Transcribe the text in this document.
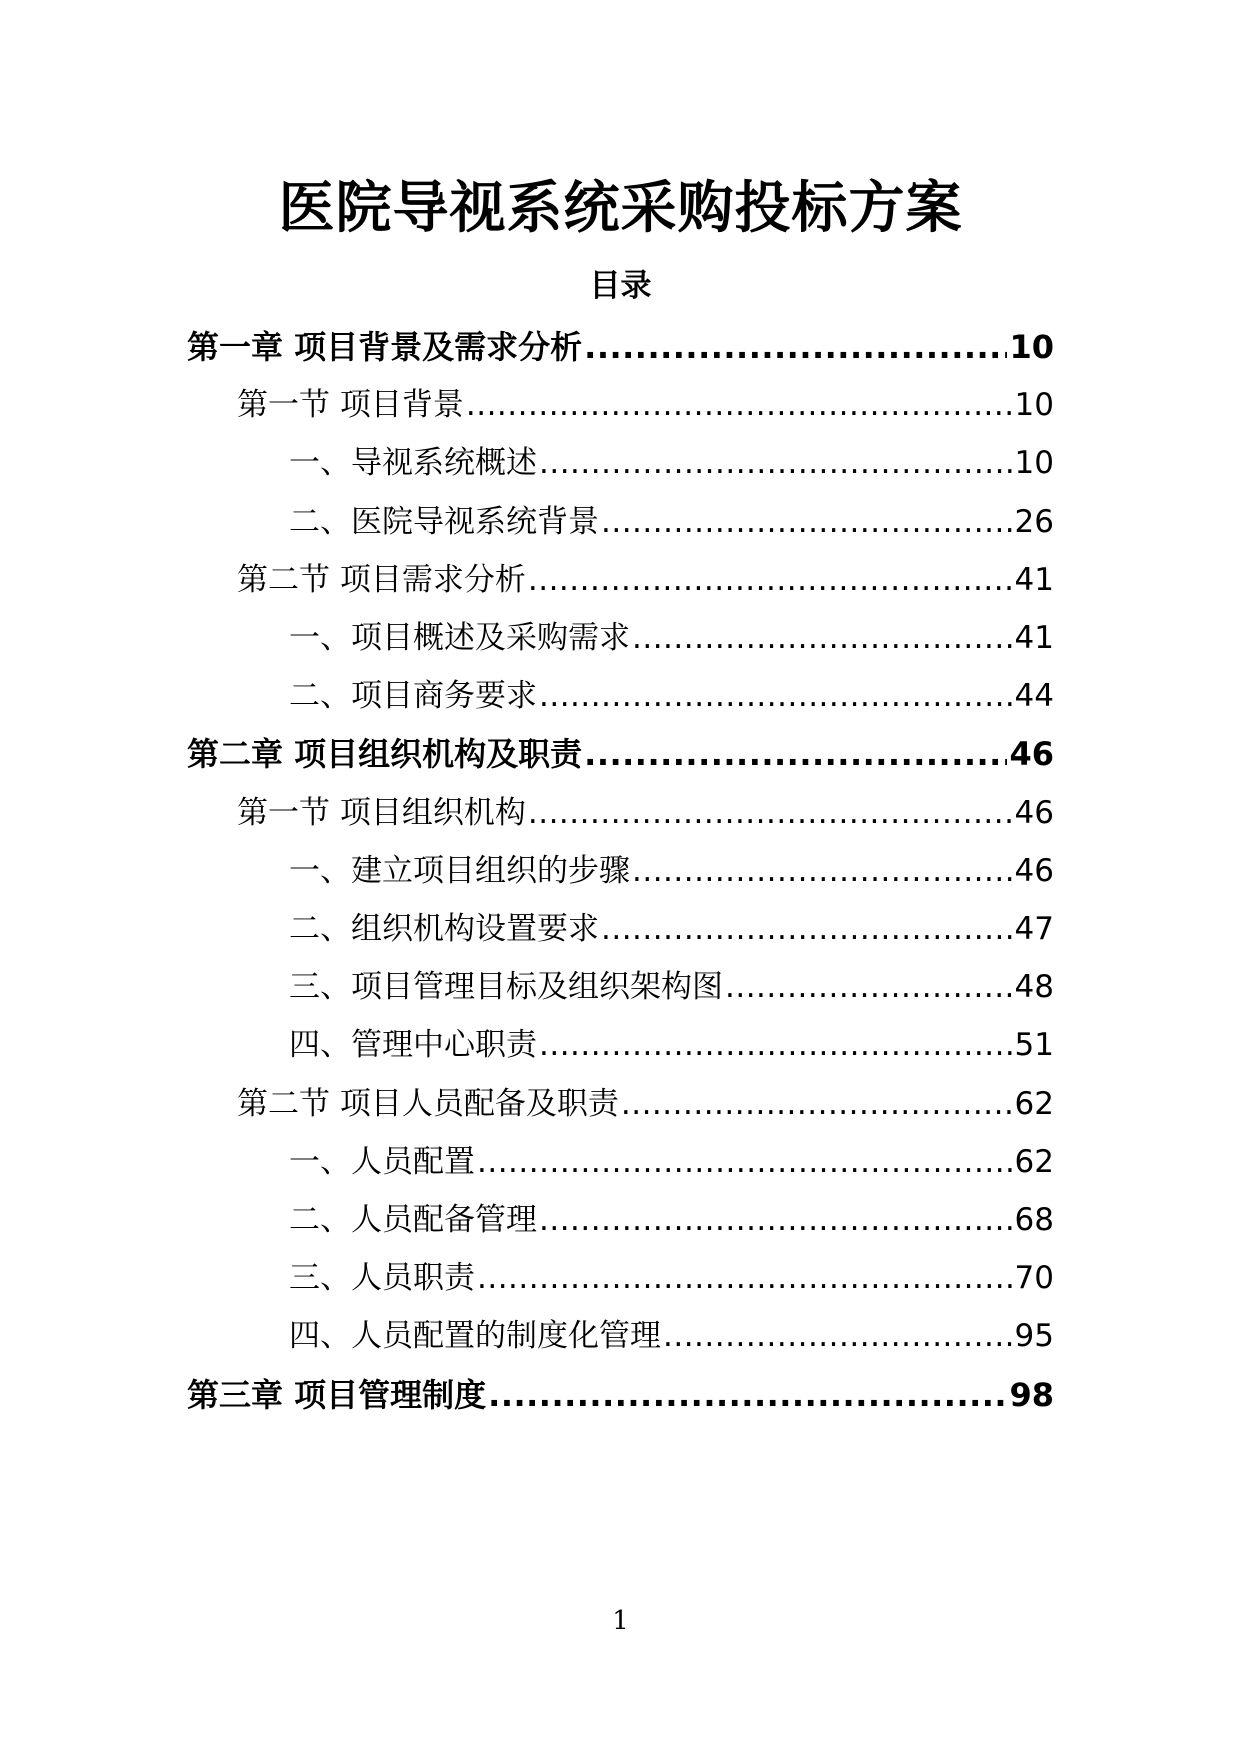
医院导视系统采购投标方案
目录
第一章 项目背景及需求分析 .....	10
第一节 项目背景 .....	10
一、导视系统概述 .....	10
二、医院导视系统背景 .....	26
第二节 项目需求分析 .....	41
一、项目概述及采购需求 .....	41
二、项目商务要求 .....	44
第二章 项目组织机构及职责 .....	46
第一节 项目组织机构 .....	46
一、建立项目组织的步骤 .....	46
二、组织机构设置要求 .....	47
三、项目管理目标及组织架构图 .....	48
四、管理中心职责 .....	51
第二节 项目人员配备及职责 .....	62
一、人员配置 .....	62
二、人员配备管理 .....	68
三、人员职责 .....	70
四、人员配置的制度化管理 .....	95
第三章 项目管理制度 .....	98
1
